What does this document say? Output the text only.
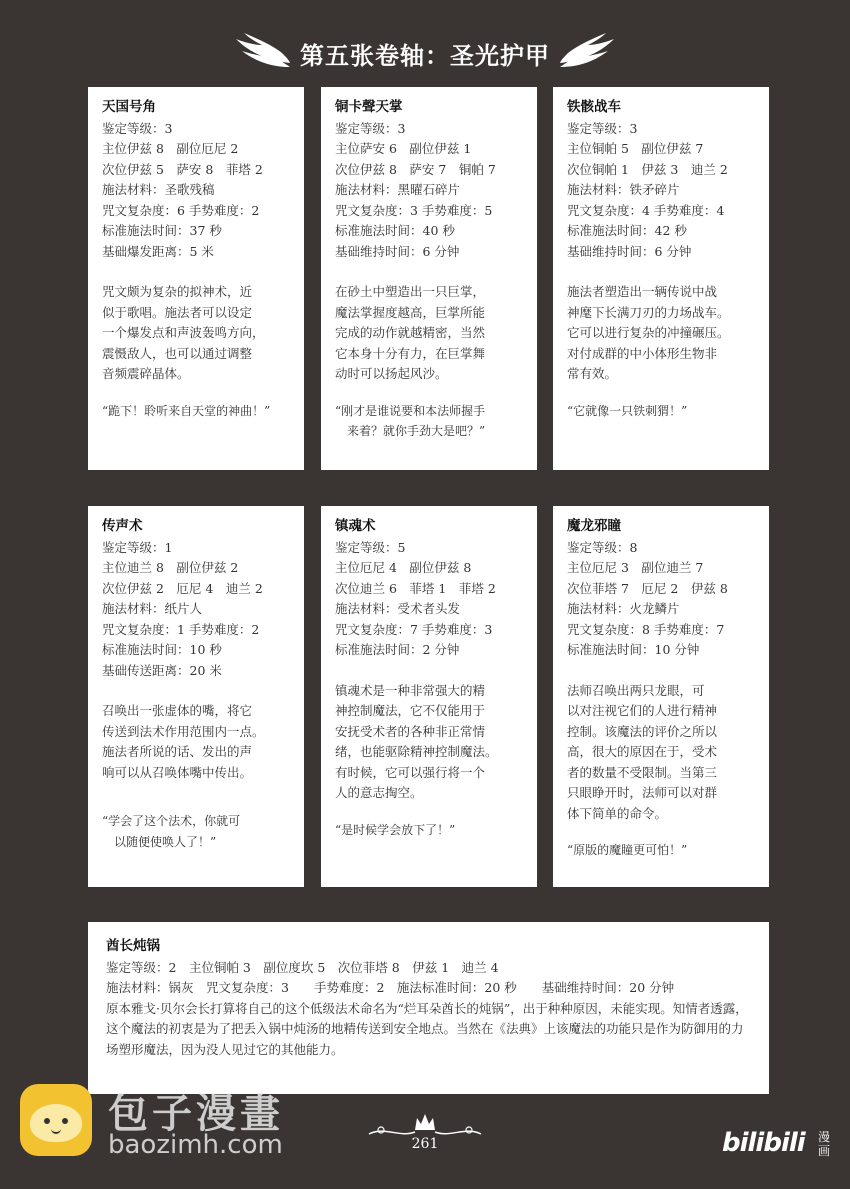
第五张卷轴：圣光护甲
天国号角
鉴定等级：3
主位伊兹 8　副位厄尼 2
次位伊兹 5　萨安 8　菲塔 2
施法材料：圣歌残稿
咒文复杂度：6 手势难度：2
标准施法时间：37 秒
基础爆发距离：5 米
咒文颇为复杂的拟神术，近
似于歌唱。施法者可以设定
一个爆发点和声波轰鸣方向，
震慑敌人，也可以通过调整
音频震碎晶体。
“跪下！聆听来自天堂的神曲！”
铜卡聲天掌
鉴定等级：3
主位萨安 6　副位伊兹 1
次位伊兹 8　萨安 7　铜帕 7
施法材料：黑曜石碎片
咒文复杂度：3 手势难度：5
标准施法时间：40 秒
基础维持时间：6 分钟
在砂土中塑造出一只巨掌，
魔法掌握度越高，巨掌所能
完成的动作就越精密，当然
它本身十分有力，在巨掌舞
动时可以扬起风沙。
“刚才是谁说要和本法师握手
　来着？就你手劲大是吧？”
铁骸战车
鉴定等级：3
主位铜帕 5　副位伊兹 7
次位铜帕 1　伊兹 3　迪兰 2
施法材料：铁矛碎片
咒文复杂度：4 手势难度：4
标准施法时间：42 秒
基础维持时间：6 分钟
施法者塑造出一辆传说中战
神麾下长满刀刃的力场战车。
它可以进行复杂的冲撞碾压。
对付成群的中小体形生物非
常有效。
“它就像一只铁刺猬！”
传声术
鉴定等级：1
主位迪兰 8　副位伊兹 2
次位伊兹 2　厄尼 4　迪兰 2
施法材料：纸片人
咒文复杂度：1 手势难度：2
标准施法时间：10 秒
基础传送距离：20 米
召唤出一张虚体的嘴，将它
传送到法术作用范围内一点。
施法者所说的话、发出的声
响可以从召唤体嘴中传出。
“学会了这个法术，你就可
　以随便使唤人了！”
镇魂术
鉴定等级：5
主位厄尼 4　副位伊兹 8
次位迪兰 6　菲塔 1　菲塔 2
施法材料：受术者头发
咒文复杂度：7 手势难度：3
标准施法时间：2 分钟
镇魂术是一种非常强大的精
神控制魔法，它不仅能用于
安抚受术者的各种非正常情
绪，也能驱除精神控制魔法。
有时候，它可以强行将一个
人的意志掏空。
“是时候学会放下了！”
魔龙邪瞳
鉴定等级：8
主位厄尼 3　副位迪兰 7
次位菲塔 7　厄尼 2　伊兹 8
施法材料：火龙鳞片
咒文复杂度：8 手势难度：7
标准施法时间：10 分钟
法师召唤出两只龙眼，可
以对注视它们的人进行精神
控制。该魔法的评价之所以
高，很大的原因在于，受术
者的数量不受限制。当第三
只眼睁开时，法师可以对群
体下简单的命令。
“原版的魔瞳更可怕！”
酋长炖锅
鉴定等级：2　主位铜帕 3　副位度坎 5　次位菲塔 8　伊兹 1　迪兰 4
施法材料：锅灰　咒文复杂度：3　　手势难度：2　施法标准时间：20 秒　　基础维持时间：20 分钟
原本雅戈·贝尔会长打算将自己的这个低级法术命名为“烂耳朵酋长的炖锅”，出于种种原因，未能实现。知情者透露，这个魔法的初衷是为了把丢入锅中炖汤的地精传送到安全地点。当然在《法典》上该魔法的功能只是作为防御用的力场塑形魔法，因为没人见过它的其他能力。
包子漫畫
baozimh.com	261	bilibili 漫画
